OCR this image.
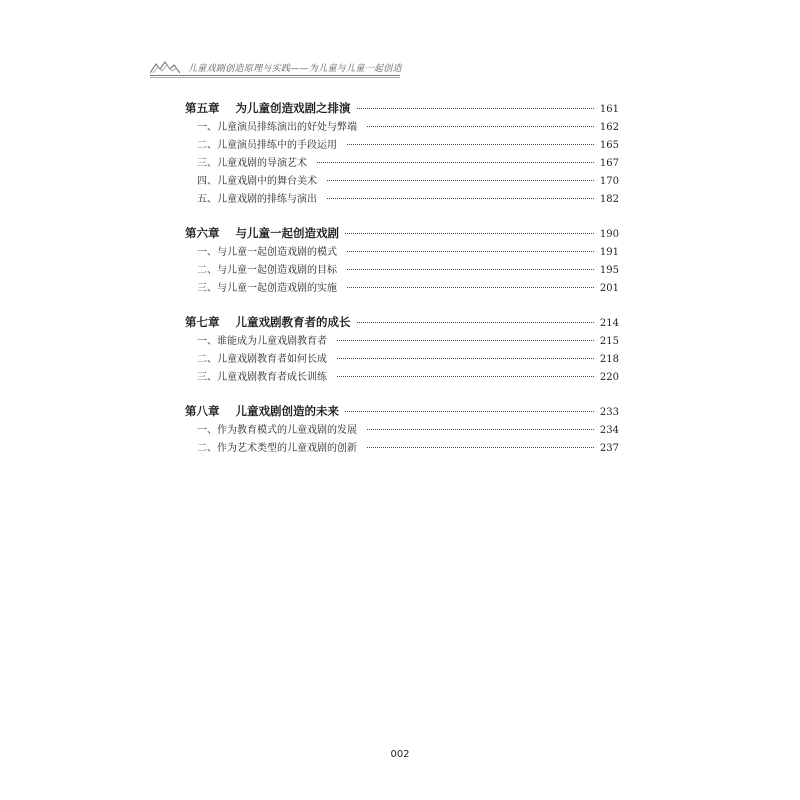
儿童戏剧创造原理与实践——为儿童与儿童一起创造
第五章 为儿童创造戏剧之排演	161
一、儿童演员排练演出的好处与弊端	162
二、儿童演员排练中的手段运用	165
三、儿童戏剧的导演艺术	167
四、儿童戏剧中的舞台美术	170
五、儿童戏剧的排练与演出	182
第六章 与儿童一起创造戏剧	190
一、与儿童一起创造戏剧的模式	191
二、与儿童一起创造戏剧的目标	195
三、与儿童一起创造戏剧的实施	201
第七章 儿童戏剧教育者的成长	214
一、谁能成为儿童戏剧教育者	215
二、儿童戏剧教育者如何长成	218
三、儿童戏剧教育者成长训练	220
第八章 儿童戏剧创造的未来	233
一、作为教育模式的儿童戏剧的发展	234
二、作为艺术类型的儿童戏剧的创新	237
002
